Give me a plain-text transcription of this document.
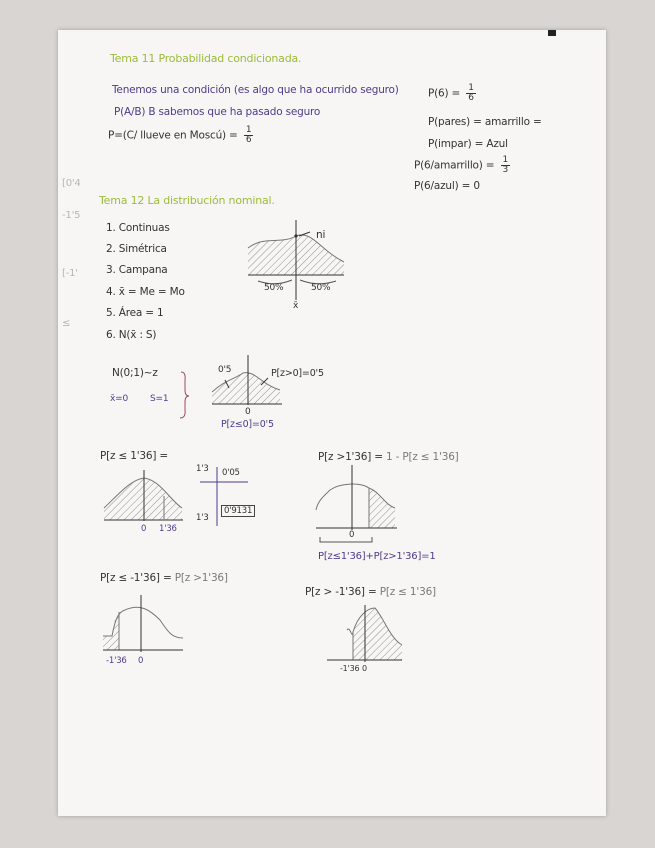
[0'4
-1'5
[-1'
≤
Tema 11 Probabilidad condicionada.
Tenemos una condición (es algo que ha ocurrido seguro)
P(A/B) B sabemos que ha pasado seguro
P=(C/ llueve en Moscú) = $\frac{1}{6}$
$P(6) = \frac{1}{6}$
P(pares) = amarrillo =
P(impar) = Azul
P(6/amarrillo) = $\frac{1}{3}$
P(6/azul) = 0
Tema 12 La distribución nominal.
1. Continuas
2. Simétrica
3. Campana
4. x̄ = Me = Mo
5. Área = 1
6. N(x̄ : S)
ni
50%	50%
x̄
N(0;1)~z
x̄=0 S=1
0'5	P[z>0]=0'5
0
P[z≤0]=0'5
P[z ≤ 1'36] =
0 1'36
1'3 0'05
1'3
0'9131
P[z >1'36] = 1 - P[z ≤ 1'36]
0
P[z≤1'36]+P[z>1'36]=1
P[z ≤ -1'36] = P[z >1'36]
-1'36 0
P[z > -1'36] = P[z ≤ 1'36]
-1'36 0
